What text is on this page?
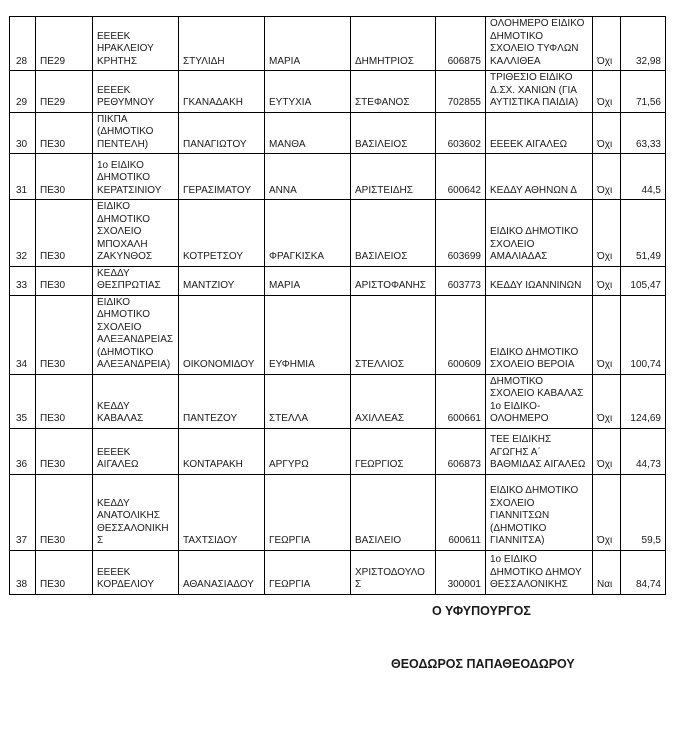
28	ΠΕ29	ΕΕΕΕΚ ΗΡΑΚΛΕΙΟΥ ΚΡΗΤΗΣ	ΣΤΥΛΙΔΗ	ΜΑΡΙΑ	ΔΗΜΗΤΡΙΟΣ	606875	ΟΛΟΗΜΕΡΟ ΕΙΔΙΚΟ ΔΗΜΟΤΙΚΟ ΣΧΟΛΕΙΟ ΤΥΦΛΩΝ ΚΑΛΛΙΘΕΑ	Όχι	32,98
29	ΠΕ29	ΕΕΕΕΚ ΡΕΘΥΜΝΟΥ	ΓΚΑΝΑΔΑΚΗ	ΕΥΤΥΧΙΑ	ΣΤΕΦΑΝΟΣ	702855	ΤΡΙΘΕΣΙΟ ΕΙΔΙΚΟ Δ.ΣΧ. ΧΑΝΙΩΝ (ΓΙΑ ΑΥΤΙΣΤΙΚΑ ΠΑΙΔΙΑ)	Όχι	71,56
30	ΠΕ30	ΠΙΚΠΑ (ΔΗΜΟΤΙΚΟ ΠΕΝΤΕΛΗ)	ΠΑΝΑΓΙΩΤΟΥ	ΜΑΝΘΑ	ΒΑΣΙΛΕΙΟΣ	603602	ΕΕΕΕΚ ΑΙΓΑΛΕΩ	Όχι	63,33
31	ΠΕ30	1ο ΕΙΔΙΚΟ ΔΗΜΟΤΙΚΟ ΚΕΡΑΤΣΙΝΙΟΥ	ΓΕΡΑΣΙΜΑΤΟΥ	ΑΝΝΑ	ΑΡΙΣΤΕΙΔΗΣ	600642	ΚΕΔΔΥ ΑΘΗΝΩΝ Δ	Όχι	44,5
32	ΠΕ30	ΕΙΔΙΚΟ ΔΗΜΟΤΙΚΟ ΣΧΟΛΕΙΟ ΜΠΟΧΑΛΗ ΖΑΚΥΝΘΟΣ	ΚΟΤΡΕΤΣΟΥ	ΦΡΑΓΚΙΣΚΑ	ΒΑΣΙΛΕΙΟΣ	603699	ΕΙΔΙΚΟ ΔΗΜΟΤΙΚΟ ΣΧΟΛΕΙΟ ΑΜΑΛΙΑΔΑΣ	Όχι	51,49
33	ΠΕ30	ΚΕΔΔΥ ΘΕΣΠΡΩΤΙΑΣ	ΜΑΝΤΖΙΟΥ	ΜΑΡΙΑ	ΑΡΙΣΤΟΦΑΝΗΣ	603773	ΚΕΔΔΥ ΙΩΑΝΝΙΝΩΝ	Όχι	105,47
34	ΠΕ30	ΕΙΔΙΚΟ ΔΗΜΟΤΙΚΟ ΣΧΟΛΕΙΟ ΑΛΕΞΑΝΔΡΕΙΑΣ (ΔΗΜΟΤΙΚΟ ΑΛΕΞΑΝΔΡΕΙΑ)	ΟΙΚΟΝΟΜΙΔΟΥ	ΕΥΦΗΜΙΑ	ΣΤΕΛΛΙΟΣ	600609	ΕΙΔΙΚΟ ΔΗΜΟΤΙΚΟ ΣΧΟΛΕΙΟ ΒΕΡΟΙΑ	Όχι	100,74
35	ΠΕ30	ΚΕΔΔΥ ΚΑΒΑΛΑΣ	ΠΑΝΤΕΖΟΥ	ΣΤΕΛΛΑ	ΑΧΙΛΛΕΑΣ	600661	ΔΗΜΟΤΙΚΟ ΣΧΟΛΕΙΟ ΚΑΒΑΛΑΣ 1ο ΕΙΔΙΚΟ-ΟΛΟΗΜΕΡΟ	Όχι	124,69
36	ΠΕ30	ΕΕΕΕΚ ΑΙΓΑΛΕΩ	ΚΟΝΤΑΡΑΚΗ	ΑΡΓΥΡΩ	ΓΕΩΡΓΙΟΣ	606873	ΤΕΕ ΕΙΔΙΚΗΣ ΑΓΩΓΗΣ Α΄ ΒΑΘΜΙΔΑΣ ΑΙΓΑΛΕΩ	Όχι	44,73
37	ΠΕ30	ΚΕΔΔΥ ΑΝΑΤΟΛΙΚΗΣ ΘΕΣΣΑΛΟΝΙΚΗΣ	ΤΑΧΤΣΙΔΟΥ	ΓΕΩΡΓΙΑ	ΒΑΣΙΛΕΙΟ	600611	ΕΙΔΙΚΟ ΔΗΜΟΤΙΚΟ ΣΧΟΛΕΙΟ ΓΙΑΝΝΙΤΣΩΝ (ΔΗΜΟΤΙΚΟ ΓΙΑΝΝΙΤΣΑ)	Όχι	59,5
38	ΠΕ30	ΕΕΕΕΚ ΚΟΡΔΕΛΙΟΥ	ΑΘΑΝΑΣΙΑΔΟΥ	ΓΕΩΡΓΙΑ	ΧΡΙΣΤΟΔΟΥΛΟΣ	300001	1ο ΕΙΔΙΚΟ ΔΗΜΟΤΙΚΟ ΔΗΜΟΥ ΘΕΣΣΑΛΟΝΙΚΗΣ	Ναι	84,74
Ο ΥΦΥΠΟΥΡΓΟΣ
ΘΕΟΔΩΡΟΣ ΠΑΠΑΘΕΟΔΩΡΟΥ
